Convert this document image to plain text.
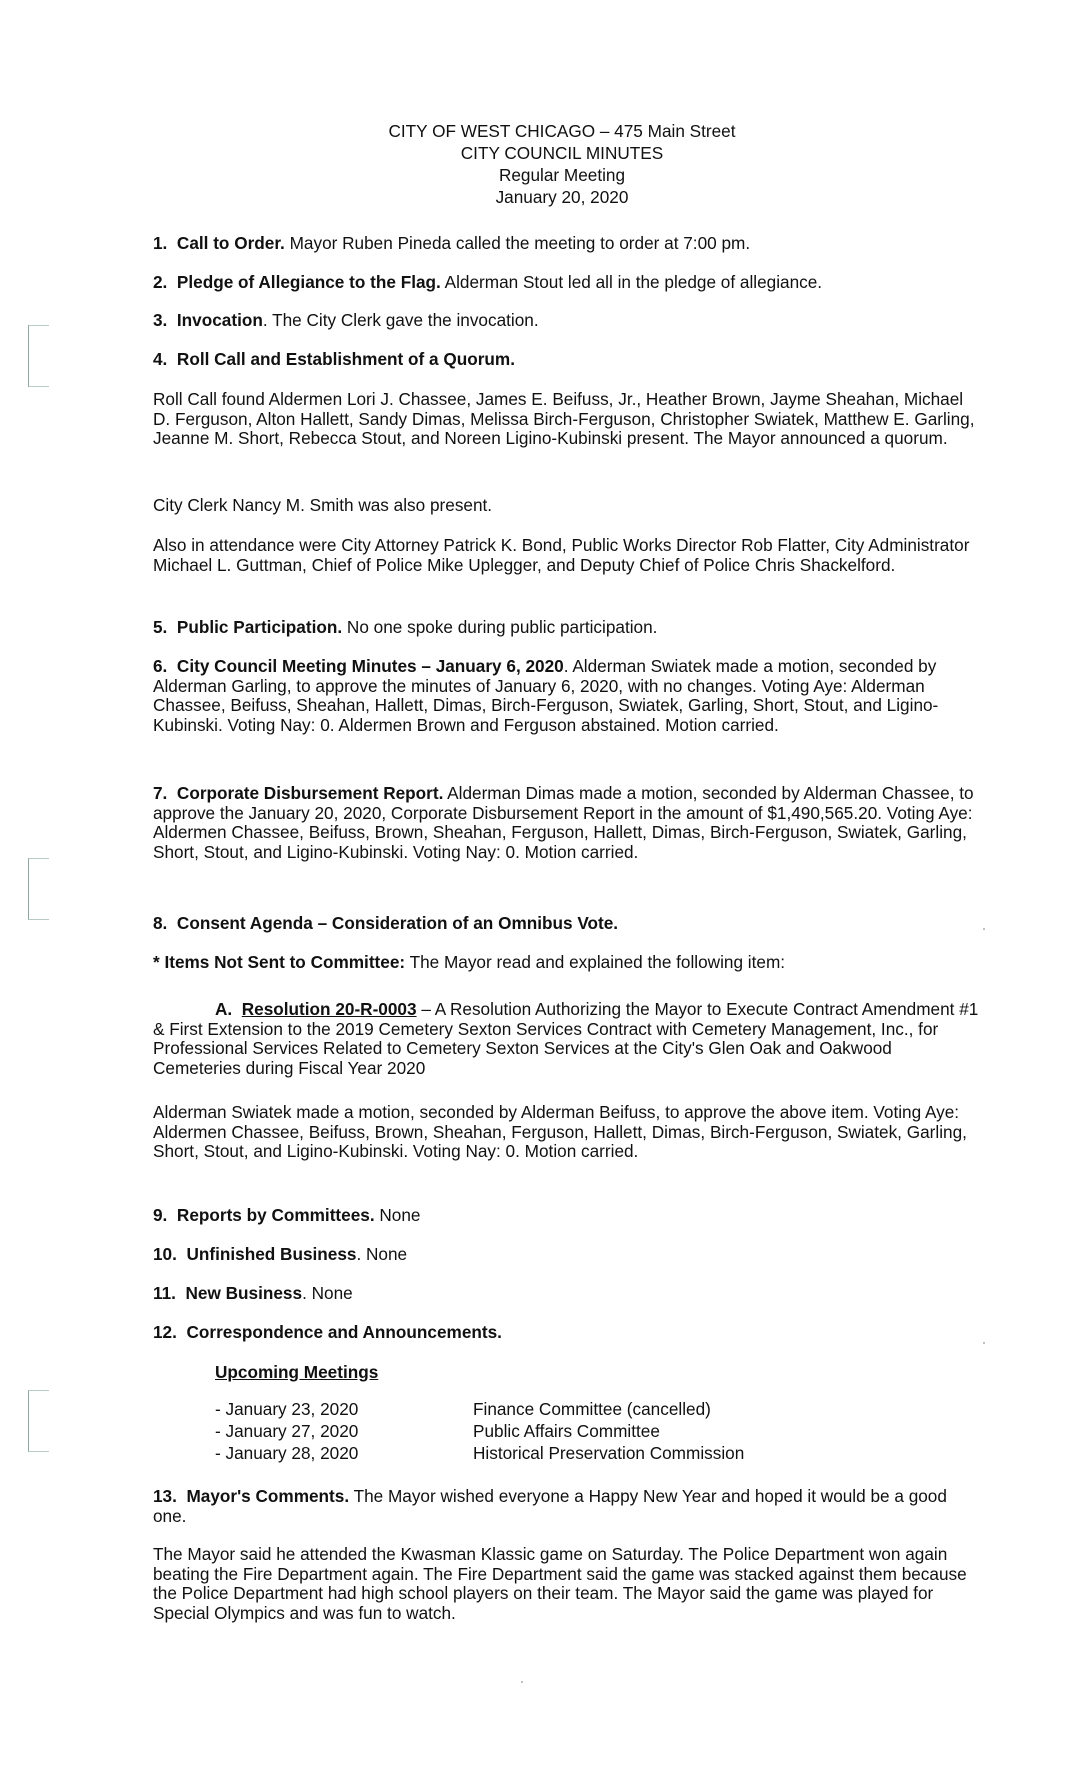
CITY OF WEST CHICAGO – 475 Main Street
CITY COUNCIL MINUTES
Regular Meeting
January 20, 2020
1. Call to Order. Mayor Ruben Pineda called the meeting to order at 7:00 pm.
2. Pledge of Allegiance to the Flag. Alderman Stout led all in the pledge of allegiance.
3. Invocation. The City Clerk gave the invocation.
4. Roll Call and Establishment of a Quorum.
Roll Call found Aldermen Lori J. Chassee, James E. Beifuss, Jr., Heather Brown, Jayme Sheahan, Michael D. Ferguson, Alton Hallett, Sandy Dimas, Melissa Birch-Ferguson, Christopher Swiatek, Matthew E. Garling, Jeanne M. Short, Rebecca Stout, and Noreen Ligino-Kubinski present. The Mayor announced a quorum.
City Clerk Nancy M. Smith was also present.
Also in attendance were City Attorney Patrick K. Bond, Public Works Director Rob Flatter, City Administrator Michael L. Guttman, Chief of Police Mike Uplegger, and Deputy Chief of Police Chris Shackelford.
5. Public Participation. No one spoke during public participation.
6. City Council Meeting Minutes – January 6, 2020. Alderman Swiatek made a motion, seconded by Alderman Garling, to approve the minutes of January 6, 2020, with no changes. Voting Aye: Alderman Chassee, Beifuss, Sheahan, Hallett, Dimas, Birch-Ferguson, Swiatek, Garling, Short, Stout, and Ligino-Kubinski. Voting Nay: 0. Aldermen Brown and Ferguson abstained. Motion carried.
7. Corporate Disbursement Report. Alderman Dimas made a motion, seconded by Alderman Chassee, to approve the January 20, 2020, Corporate Disbursement Report in the amount of $1,490,565.20. Voting Aye: Aldermen Chassee, Beifuss, Brown, Sheahan, Ferguson, Hallett, Dimas, Birch-Ferguson, Swiatek, Garling, Short, Stout, and Ligino-Kubinski. Voting Nay: 0. Motion carried.
8. Consent Agenda – Consideration of an Omnibus Vote.
* Items Not Sent to Committee: The Mayor read and explained the following item:
A. Resolution 20-R-0003 – A Resolution Authorizing the Mayor to Execute Contract Amendment #1 & First Extension to the 2019 Cemetery Sexton Services Contract with Cemetery Management, Inc., for Professional Services Related to Cemetery Sexton Services at the City's Glen Oak and Oakwood Cemeteries during Fiscal Year 2020
Alderman Swiatek made a motion, seconded by Alderman Beifuss, to approve the above item. Voting Aye: Aldermen Chassee, Beifuss, Brown, Sheahan, Ferguson, Hallett, Dimas, Birch-Ferguson, Swiatek, Garling, Short, Stout, and Ligino-Kubinski. Voting Nay: 0. Motion carried.
9. Reports by Committees. None
10. Unfinished Business. None
11. New Business. None
12. Correspondence and Announcements.
Upcoming Meetings
- January 23, 2020	Finance Committee (cancelled)
- January 27, 2020	Public Affairs Committee
- January 28, 2020	Historical Preservation Commission
13. Mayor's Comments. The Mayor wished everyone a Happy New Year and hoped it would be a good one.
The Mayor said he attended the Kwasman Klassic game on Saturday. The Police Department won again beating the Fire Department again. The Fire Department said the game was stacked against them because the Police Department had high school players on their team. The Mayor said the game was played for Special Olympics and was fun to watch.
